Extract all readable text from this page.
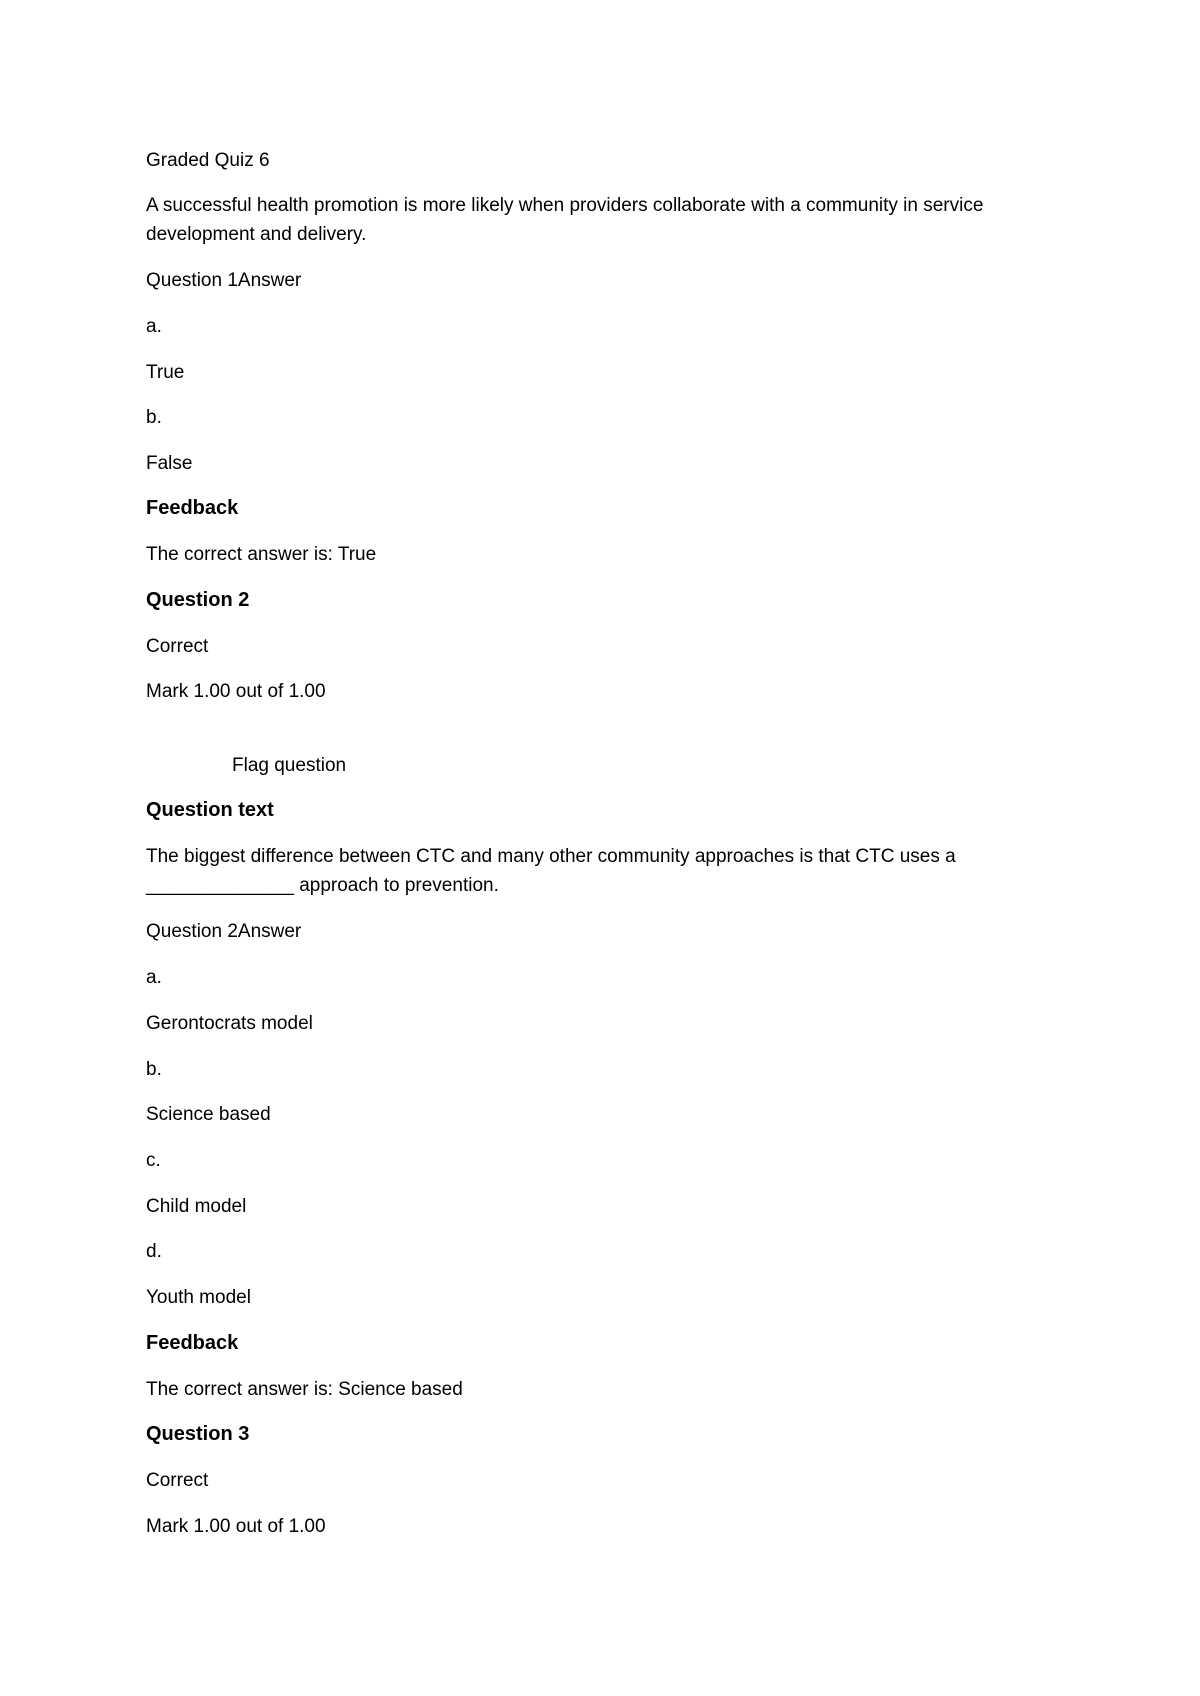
Graded Quiz 6
A successful health promotion is more likely when providers collaborate with a community in service development and delivery.
Question 1Answer
a.
True
b.
False
Feedback
The correct answer is: True
Question 2
Correct
Mark 1.00 out of 1.00
Flag question
Question text
The biggest difference between CTC and many other community approaches is that CTC uses a ______________ approach to prevention.
Question 2Answer
a.
Gerontocrats model
b.
Science based
c.
Child model
d.
Youth model
Feedback
The correct answer is: Science based
Question 3
Correct
Mark 1.00 out of 1.00
